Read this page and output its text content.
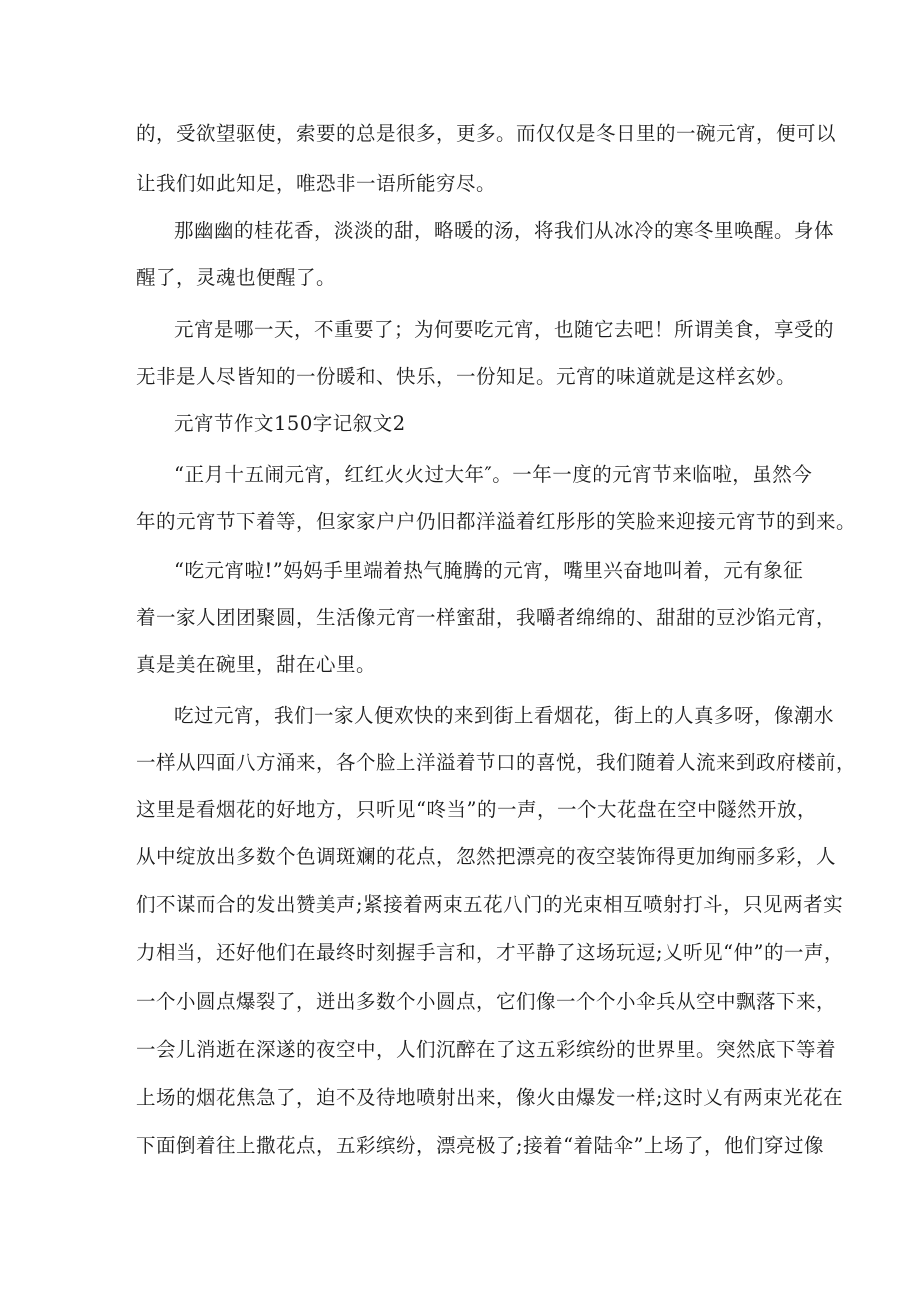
的，受欲望驱使，索要的总是很多，更多。而仅仅是冬日里的一碗元宵，便可以
让我们如此知足，唯恐非一语所能穷尽。
那幽幽的桂花香，淡淡的甜，略暖的汤，将我们从冰冷的寒冬里唤醒。身体
醒了，灵魂也便醒了。
元宵是哪一天，不重要了；为何要吃元宵，也随它去吧！所谓美食，享受的
无非是人尽皆知的一份暖和、快乐，一份知足。元宵的味道就是这样玄妙。
元宵节作文150字记叙文2
“正月十五闹元宵，红红火火过大年″。一年一度的元宵节来临啦，虽然今
年的元宵节下着等，但家家户户仍旧都洋溢着红彤彤的笑脸来迎接元宵节的到来。
“吃元宵啦!”妈妈手里端着热气腌腾的元宵，嘴里兴奋地叫着，元有象征
着一家人团团聚圆，生活像元宵一样蜜甜，我嚼者绵绵的、甜甜的豆沙馅元宵，
真是美在碗里，甜在心里。
吃过元宵，我们一家人便欢快的来到街上看烟花，街上的人真多呀，像潮水
一样从四面八方涌来，各个脸上洋溢着节口的喜悦，我们随着人流来到政府楼前，
这里是看烟花的好地方，只听见“咚当”的一声，一个大花盘在空中隧然开放，
从中绽放出多数个色调斑斓的花点，忽然把漂亮的夜空装饰得更加绚丽多彩，人
们不谋而合的发出赞美声;紧接着两束五花八门的光束相互喷射打斗，只见两者实
力相当，还好他们在最终时刻握手言和，才平静了这场玩逗;乂听见“仲”的一声，
一个小圆点爆裂了，迸出多数个小圆点，它们像一个个小伞兵从空中飘落下来，
一会儿消逝在深遂的夜空中，人们沉醉在了这五彩缤纷的世界里。突然底下等着
上场的烟花焦急了，迫不及待地喷射出来，像火由爆发一样;这时乂有两束光花在
下面倒着往上撒花点，五彩缤纷，漂亮极了;接着“着陆伞”上场了，他们穿过像
